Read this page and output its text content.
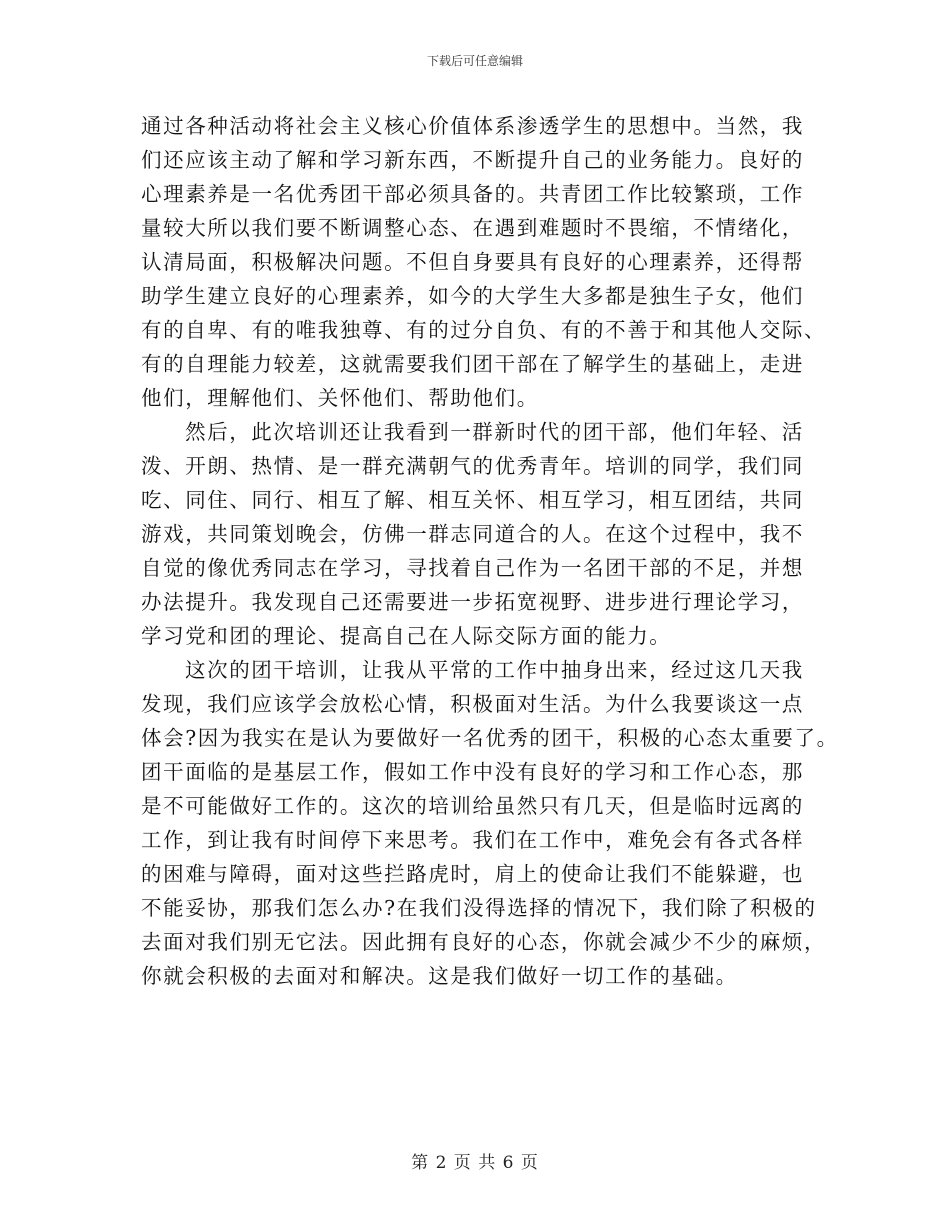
下载后可任意编辑
通过各种活动将社会主义核心价值体系渗透学生的思想中。当然，我
们还应该主动了解和学习新东西，不断提升自己的业务能力。良好的
心理素养是一名优秀团干部必须具备的。共青团工作比较繁琐，工作
量较大所以我们要不断调整心态、在遇到难题时不畏缩，不情绪化，
认清局面，积极解决问题。不但自身要具有良好的心理素养，还得帮
助学生建立良好的心理素养，如今的大学生大多都是独生子女，他们
有的自卑、有的唯我独尊、有的过分自负、有的不善于和其他人交际、
有的自理能力较差，这就需要我们团干部在了解学生的基础上，走进
他们，理解他们、关怀他们、帮助他们。
然后，此次培训还让我看到一群新时代的团干部，他们年轻、活
泼、开朗、热情、是一群充满朝气的优秀青年。培训的同学，我们同
吃、同住、同行、相互了解、相互关怀、相互学习，相互团结，共同
游戏，共同策划晚会，仿佛一群志同道合的人。在这个过程中，我不
自觉的像优秀同志在学习，寻找着自己作为一名团干部的不足，并想
办法提升。我发现自己还需要进一步拓宽视野、进步进行理论学习，
学习党和团的理论、提高自己在人际交际方面的能力。
这次的团干培训，让我从平常的工作中抽身出来，经过这几天我
发现，我们应该学会放松心情，积极面对生活。为什么我要谈这一点
体会?因为我实在是认为要做好一名优秀的团干，积极的心态太重要了。
团干面临的是基层工作，假如工作中没有良好的学习和工作心态，那
是不可能做好工作的。这次的培训给虽然只有几天，但是临时远离的
工作，到让我有时间停下来思考。我们在工作中，难免会有各式各样
的困难与障碍，面对这些拦路虎时，肩上的使命让我们不能躲避，也
不能妥协，那我们怎么办?在我们没得选择的情况下，我们除了积极的
去面对我们别无它法。因此拥有良好的心态，你就会减少不少的麻烦，
你就会积极的去面对和解决。这是我们做好一切工作的基础。
第 2 页 共 6 页
